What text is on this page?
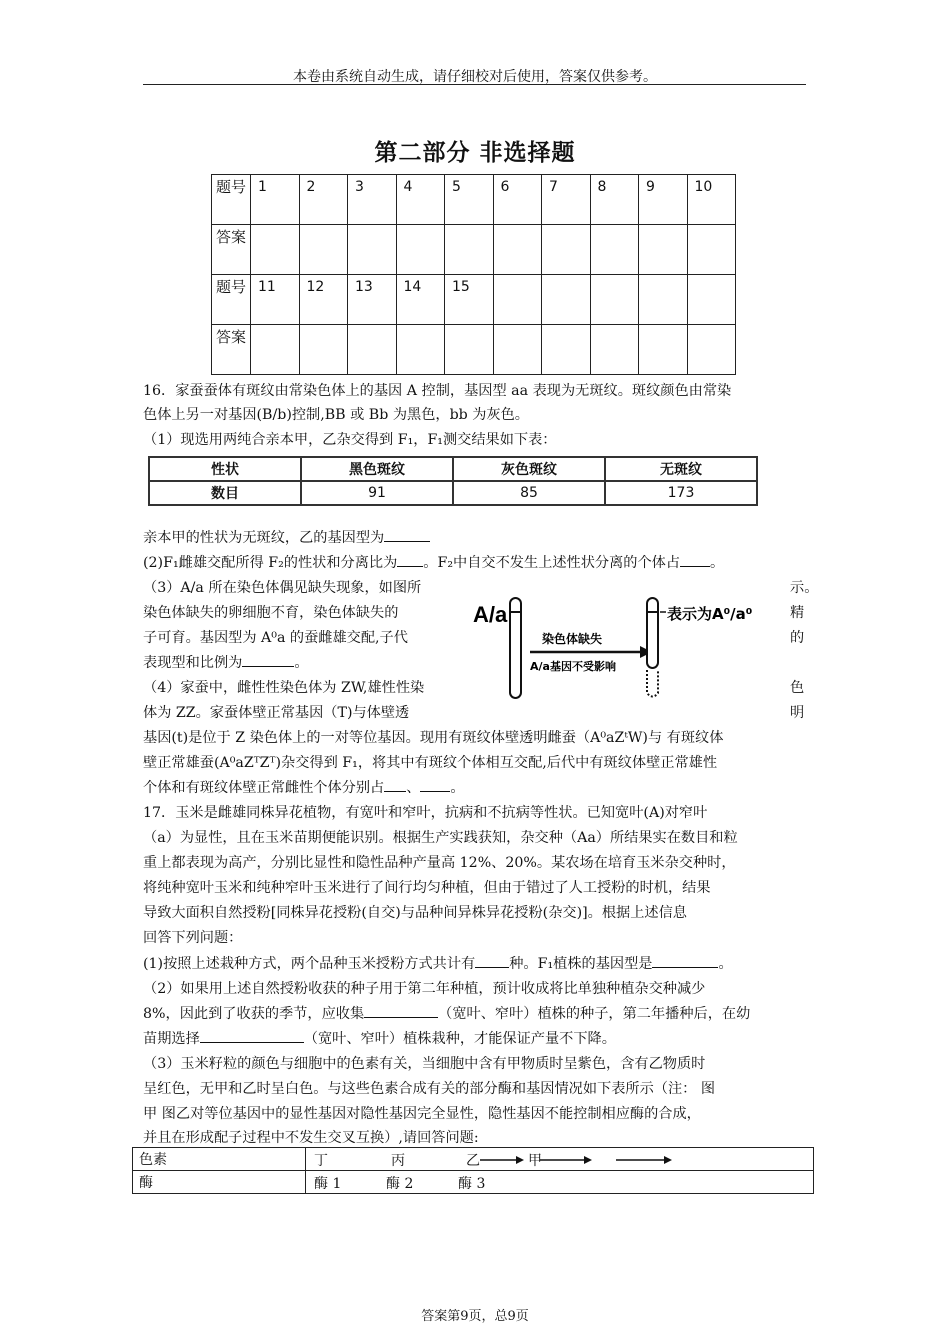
本卷由系统自动生成，请仔细校对后使用，答案仅供参考。
第二部分 非选择题
题号	1	2	3	4	5	6	7	8	9	10
答案										
题号	11	12	13	14	15					
答案										
16．家蚕蚕体有斑纹由常染色体上的基因 A 控制，基因型 aa 表现为无斑纹。斑纹颜色由常染
色体上另一对基因(B/b)控制,BB 或 Bb 为黑色，bb 为灰色。
（1）现选用两纯合亲本甲，乙杂交得到 F₁，F₁测交结果如下表：
性状	黑色斑纹	灰色斑纹	无斑纹
数目	91	85	173
亲本甲的性状为无斑纹，乙的基因型为
(2)F₁雌雄交配所得 F₂的性状和分离比为 。F₂中自交不发生上述性状分离的个体占 。
（3）A/a 所在染色体偶见缺失现象，如图所
染色体缺失的卵细胞不育，染色体缺失的
子可育。基因型为 A⁰a 的蚕雌雄交配,子代
表现型和比例为	。
（4）家蚕中，雌性性染色体为 ZW,雄性性染
体为 ZZ。家蚕体壁正常基因（T)与体壁透
示。
精
的
色
明
A/a
染色体缺失
A/a基因不受影响
表示为A⁰/a⁰
基因(t)是位于 Z 染色体上的一对等位基因。现用有斑纹体壁透明雌蚕（A⁰aZᵗW)与 有斑纹体
壁正常雄蚕(A⁰aZᵀZᵀ)杂交得到 F₁，将其中有斑纹个体相互交配,后代中有斑纹体壁正常雄性
个体和有斑纹体壁正常雌性个体分别占 、 。
17．玉米是雌雄同株异花植物，有宽叶和窄叶，抗病和不抗病等性状。已知宽叶(A)对窄叶
（a）为显性，且在玉米苗期便能识别。根据生产实践获知，杂交种（Aa）所结果实在数目和粒
重上都表现为高产，分别比显性和隐性品种产量高 12%、20%。某农场在培育玉米杂交种时，
将纯种宽叶玉米和纯种窄叶玉米进行了间行均匀种植，但由于错过了人工授粉的时机，结果
导致大面积自然授粉[同株异花授粉(自交)与品种间异株异花授粉(杂交)]。根据上述信息
回答下列问题：
(1)按照上述栽种方式，两个品种玉米授粉方式共计有 种。F₁植株的基因型是	。
（2）如果用上述自然授粉收获的种子用于第二年种植，预计收成将比单独种植杂交种减少
8%，因此到了收获的季节，应收集	（宽叶、窄叶）植株的种子，第二年播种后，在幼
苗期选择	（宽叶、窄叶）植株栽种，才能保证产量不下降。
（3）玉米籽粒的颜色与细胞中的色素有关，当细胞中含有甲物质时呈紫色，含有乙物质时
呈红色，无甲和乙时呈白色。与这些色素合成有关的部分酶和基因情况如下表所示（注： 图
甲 图乙对等位基因中的显性基因对隐性基因完全显性，隐性基因不能控制相应酶的合成，
并且在形成配子过程中不发生交叉互换）,请回答问题:
色素	丁 丙 乙 甲

酶	酶 1 酶 2 酶 3
答案第9页，总9页
